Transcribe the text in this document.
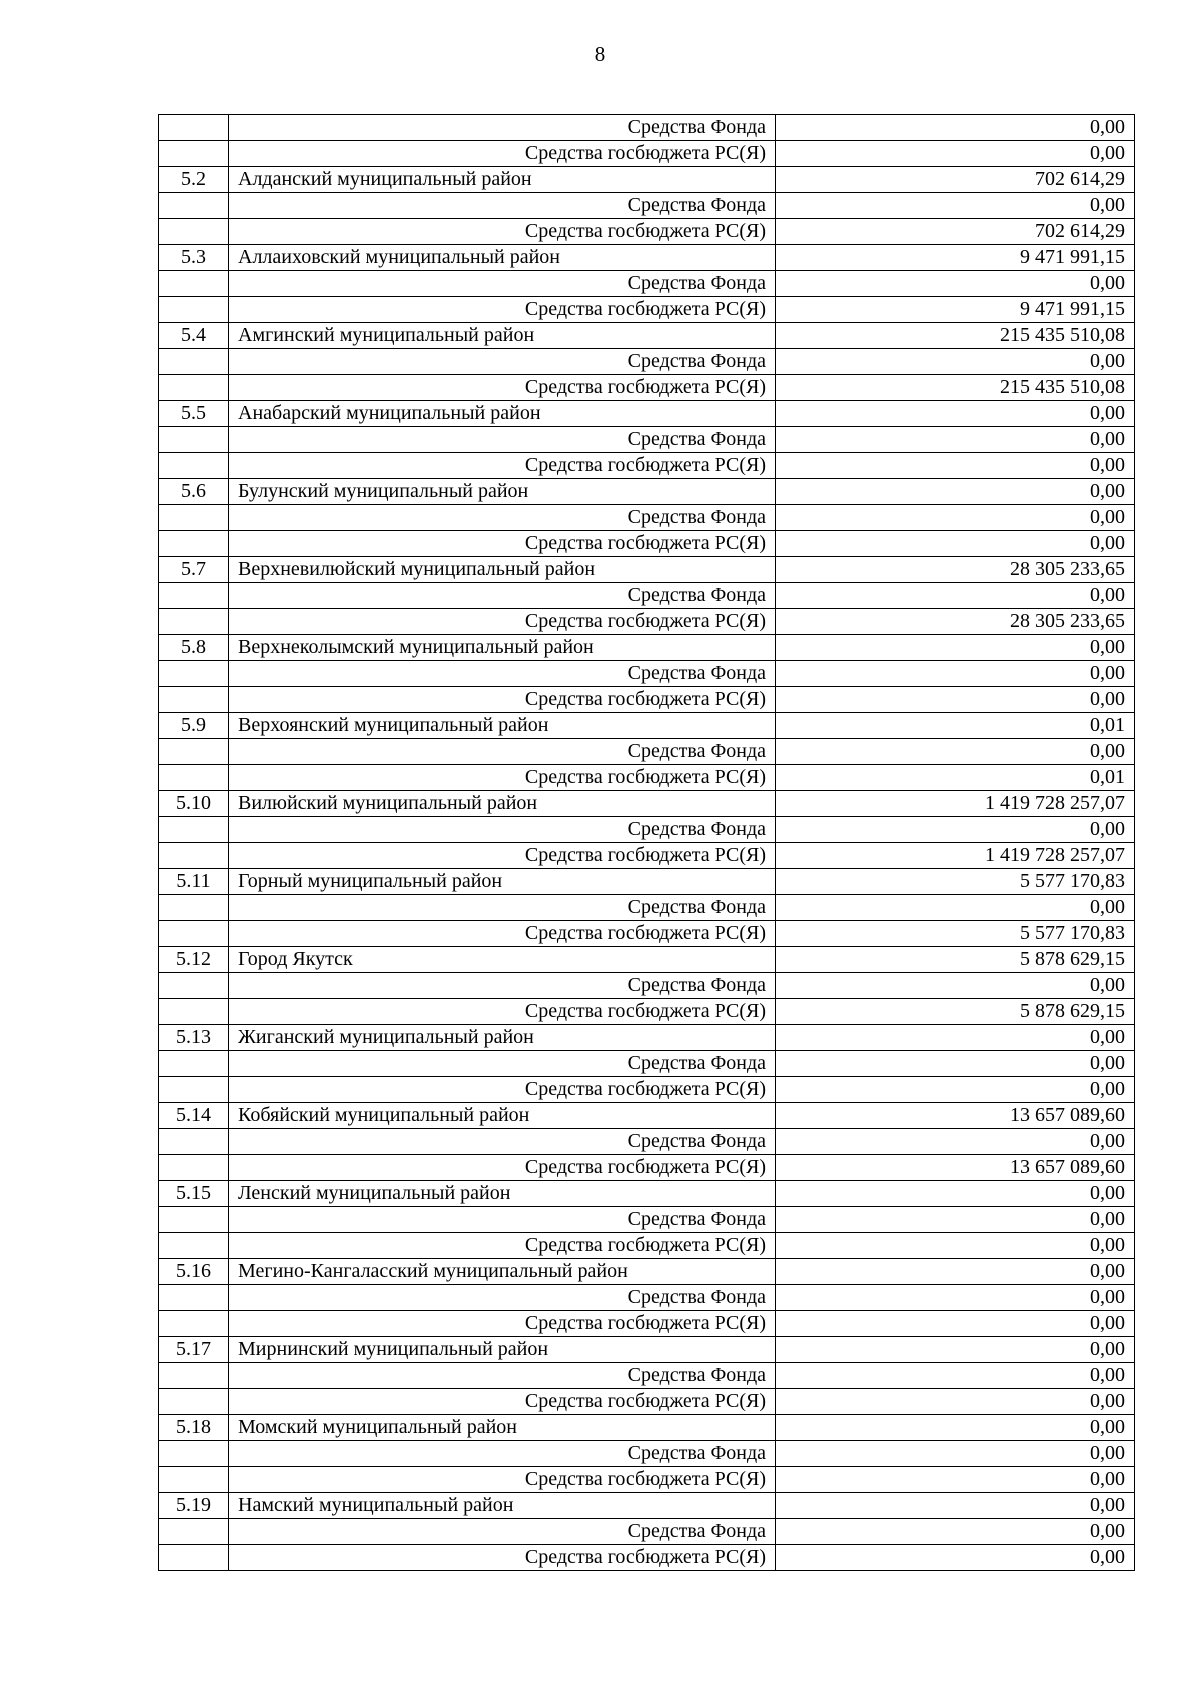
8
	Средства Фонда	0,00
	Средства госбюджета РС(Я)	0,00
5.2	Алданский муниципальный район	702 614,29
	Средства Фонда	0,00
	Средства госбюджета РС(Я)	702 614,29
5.3	Аллаиховский муниципальный район	9 471 991,15
	Средства Фонда	0,00
	Средства госбюджета РС(Я)	9 471 991,15
5.4	Амгинский муниципальный район	215 435 510,08
	Средства Фонда	0,00
	Средства госбюджета РС(Я)	215 435 510,08
5.5	Анабарский муниципальный район	0,00
	Средства Фонда	0,00
	Средства госбюджета РС(Я)	0,00
5.6	Булунский муниципальный район	0,00
	Средства Фонда	0,00
	Средства госбюджета РС(Я)	0,00
5.7	Верхневилюйский муниципальный район	28 305 233,65
	Средства Фонда	0,00
	Средства госбюджета РС(Я)	28 305 233,65
5.8	Верхнеколымский муниципальный район	0,00
	Средства Фонда	0,00
	Средства госбюджета РС(Я)	0,00
5.9	Верхоянский муниципальный район	0,01
	Средства Фонда	0,00
	Средства госбюджета РС(Я)	0,01
5.10	Вилюйский муниципальный район	1 419 728 257,07
	Средства Фонда	0,00
	Средства госбюджета РС(Я)	1 419 728 257,07
5.11	Горный муниципальный район	5 577 170,83
	Средства Фонда	0,00
	Средства госбюджета РС(Я)	5 577 170,83
5.12	Город Якутск	5 878 629,15
	Средства Фонда	0,00
	Средства госбюджета РС(Я)	5 878 629,15
5.13	Жиганский муниципальный район	0,00
	Средства Фонда	0,00
	Средства госбюджета РС(Я)	0,00
5.14	Кобяйский муниципальный район	13 657 089,60
	Средства Фонда	0,00
	Средства госбюджета РС(Я)	13 657 089,60
5.15	Ленский муниципальный район	0,00
	Средства Фонда	0,00
	Средства госбюджета РС(Я)	0,00
5.16	Мегино-Кангаласский муниципальный район	0,00
	Средства Фонда	0,00
	Средства госбюджета РС(Я)	0,00
5.17	Мирнинский муниципальный район	0,00
	Средства Фонда	0,00
	Средства госбюджета РС(Я)	0,00
5.18	Момский муниципальный район	0,00
	Средства Фонда	0,00
	Средства госбюджета РС(Я)	0,00
5.19	Намский муниципальный район	0,00
	Средства Фонда	0,00
	Средства госбюджета РС(Я)	0,00
